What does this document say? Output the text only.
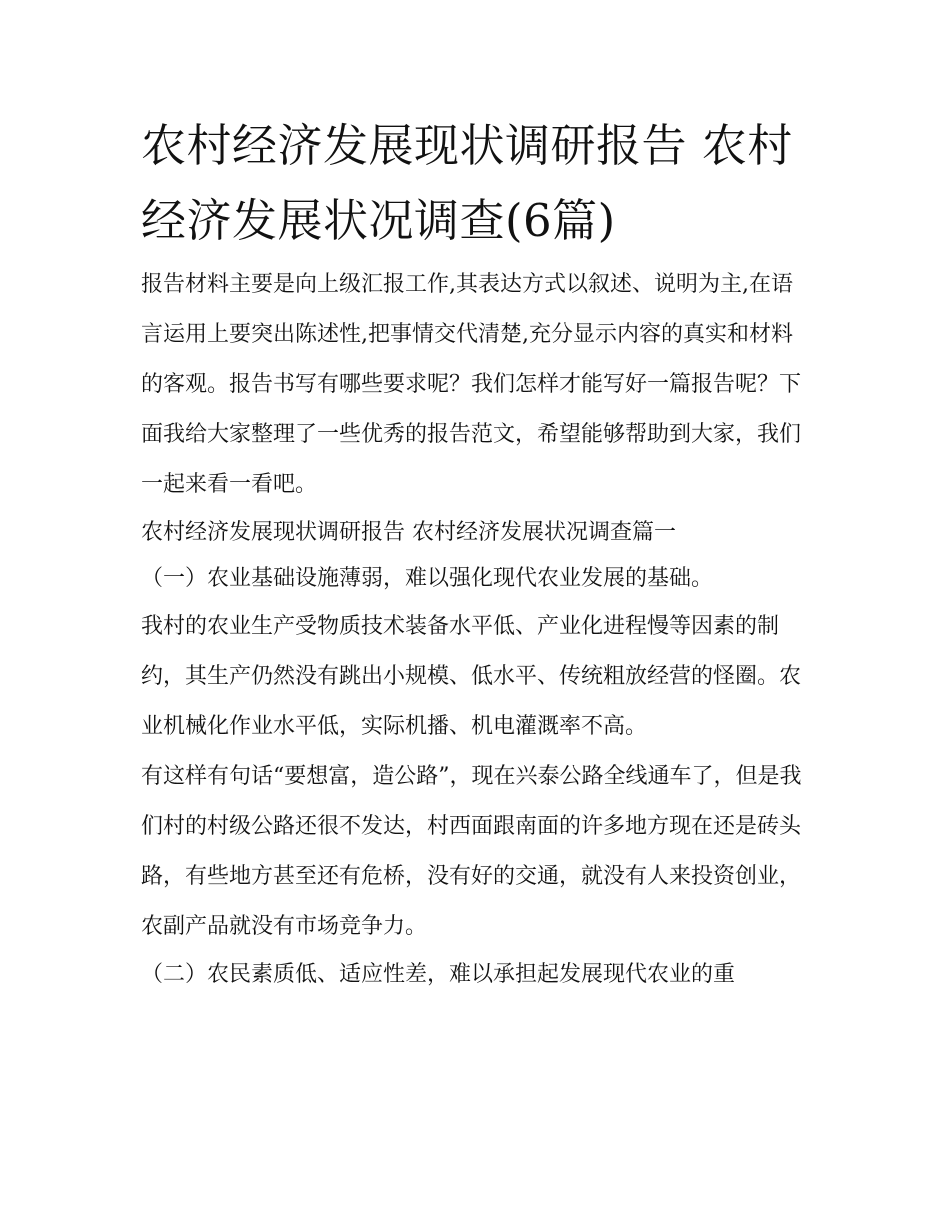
农村经济发展现状调研报告 农村经济发展状况调查(6篇)

报告材料主要是向上级汇报工作,其表达方式以叙述、说明为主,在语言运用上要突出陈述性,把事情交代清楚,充分显示内容的真实和材料的客观。报告书写有哪些要求呢？我们怎样才能写好一篇报告呢？下面我给大家整理了一些优秀的报告范文，希望能够帮助到大家，我们一起来看一看吧。

农村经济发展现状调研报告 农村经济发展状况调查篇一

（一）农业基础设施薄弱，难以强化现代农业发展的基础。

我村的农业生产受物质技术装备水平低、产业化进程慢等因素的制约，其生产仍然没有跳出小规模、低水平、传统粗放经营的怪圈。农业机械化作业水平低，实际机播、机电灌溉率不高。

有这样有句话“要想富，造公路”，现在兴泰公路全线通车了，但是我们村的村级公路还很不发达，村西面跟南面的许多地方现在还是砖头路，有些地方甚至还有危桥，没有好的交通，就没有人来投资创业，农副产品就没有市场竞争力。

（二）农民素质低、适应性差，难以承担起发展现代农业的重
